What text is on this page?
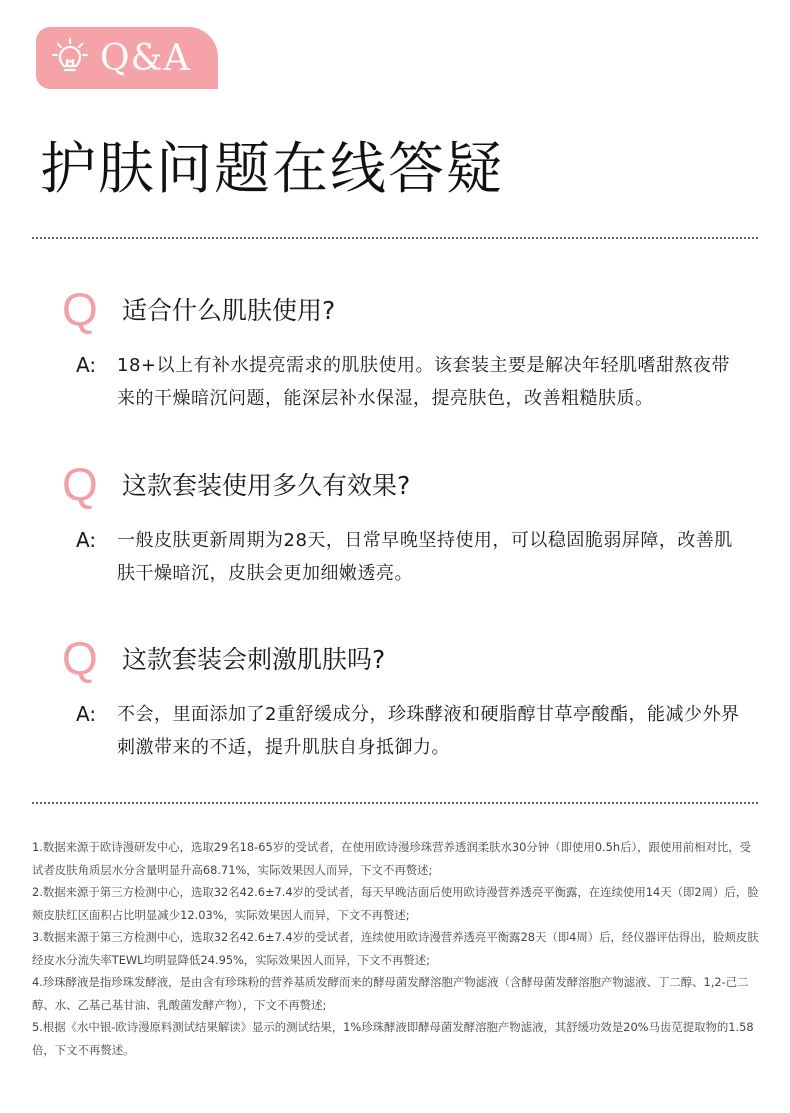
Q&A
护肤问题在线答疑
Q 适合什么肌肤使用?
A:	18+以上有补水提亮需求的肌肤使用。该套装主要是解决年轻肌嗜甜熬夜带来的干燥暗沉问题，能深层补水保湿，提亮肤色，改善粗糙肤质。
Q 这款套装使用多久有效果?
A:	一般皮肤更新周期为28天，日常早晚坚持使用，可以稳固脆弱屏障，改善肌肤干燥暗沉，皮肤会更加细嫩透亮。
Q 这款套装会刺激肌肤吗?
A:	不会，里面添加了2重舒缓成分，珍珠酵液和硬脂醇甘草亭酸酯，能减少外界刺激带来的不适，提升肌肤自身抵御力。

1.数据来源于欧诗漫研发中心，选取29名18-65岁的受试者，在使用欧诗漫珍珠营养透润柔肤水30分钟（即使用0.5h后），跟使用前相对比，受试者皮肤角质层水分含量明显升高68.71%，实际效果因人而异，下文不再赘述;

2.数据来源于第三方检测中心，选取32名42.6±7.4岁的受试者，每天早晚洁面后使用欧诗漫营养透亮平衡露，在连续使用14天（即2周）后，脸颊皮肤红区面积占比明显减少12.03%，实际效果因人而异，下文不再赘述;

3.数据来源于第三方检测中心，选取32名42.6±7.4岁的受试者，连续使用欧诗漫营养透亮平衡露28天（即4周）后，经仪器评估得出，脸颊皮肤经皮水分流失率TEWL均明显降低24.95%，实际效果因人而异，下文不再赘述;

4.珍珠酵液是指珍珠发酵液，是由含有珍珠粉的营养基质发酵而来的酵母菌发酵溶胞产物滤液（含酵母菌发酵溶胞产物滤液、丁二醇、1,2-己二醇、水、乙基己基甘油、乳酸菌发酵产物），下文不再赘述;

5.根据《水中银-欧诗漫原料测试结果解读》显示的测试结果，1%珍珠酵液即酵母菌发酵溶胞产物滤液，其舒缓功效是20%马齿苋提取物的1.58倍，下文不再赘述。
